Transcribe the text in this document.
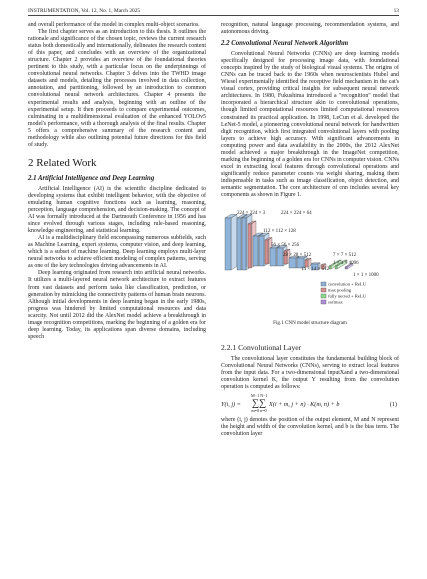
INSTRUMENTATION, Vol. 12, No. 1, March 2025	13

and overall performance of the model in complex multi-object scenarios.

The first chapter serves as an introduction to this thesis. It outlines the rationale and significance of the chosen topic, reviews the current research status both domestically and internationally, delineates the research content of this paper, and concludes with an overview of the organizational structure. Chapter 2 provides an overview of the foundational theories pertinent to this study, with a particular focus on the underpinnings of convolutional neural networks. Chapter 3 delves into the TWHD image datasets and models, detailing the processes involved in data collection, annotation, and partitioning, followed by an introduction to common convolutional neural network architectures. Chapter 4 presents the experimental results and analysis, beginning with an outline of the experimental setup. It then proceeds to compare experimental outcomes, culminating in a multidimensional evaluation of the enhanced YOLOv5 model's performance, with a thorough analysis of the final results. Chapter 5 offers a comprehensive summary of the research content and methodology while also outlining potential future directions for this field of study.

2 Related Work
2.1 Artificial Intelligence and Deep Learning

Artificial Intelligence (AI) is the scientific discipline dedicated to developing systems that exhibit intelligent behavior, with the objective of emulating human cognitive functions such as learning, reasoning, perception, language comprehension, and decision-making. The concept of AI was formally introduced at the Dartmouth Conference in 1956 and has since evolved through various stages, including rule-based reasoning, knowledge engineering, and statistical learning.

AI is a multidisciplinary field encompassing numerous subfields, such as Machine Learning, expert systems, computer vision, and deep learning, which is a subset of machine learning. Deep learning employs multi-layer neural networks to achieve efficient modeling of complex patterns, serving as one of the key technologies driving advancements in AI.

Deep learning originated from research into artificial neural networks. It utilizes a multi-layered neural network architecture to extract features from vast datasets and perform tasks like classification, prediction, or generation by mimicking the connectivity patterns of human brain neurons. Although initial developments in deep learning began in the early 1980s, progress was hindered by limited computational resources and data scarcity. Not until 2012 did the AlexNet model achieve a breakthrough in image recognition competitions, marking the beginning of a golden era for deep learning. Today, its applications span diverse domains, including speech

recognition, natural language processing, recommendation systems, and autonomous driving.

2.2 Convolutional Neural Network Algorithm

Convolutional Neural Networks (CNNs) are deep learning models specifically designed for processing image data, with foundational concepts inspired by the study of biological visual systems. The origins of CNNs can be traced back to the 1960s when neuroscientists Hubel and Wiesel experimentally identified the receptive field mechanism in the cat's visual cortex, providing critical insights for subsequent neural network architectures. In 1980, Fukushima introduced a "recognition" model that incorporated a hierarchical structure akin to convolutional operations, though limited computational resources limited computational resources constrained its practical application. In 1998, LeCun et al. developed the LeNet-5 model, a pioneering convolutional neural network for handwritten digit recognition, which first integrated convolutional layers with pooling layers to achieve high accuracy. With significant advancements in computing power and data availability in the 2000s, the 2012 AlexNet model achieved a major breakthrough in the ImageNet competition, marking the beginning of a golden era for CNNs in computer vision. CNNs excel in extracting local features through convolutional operations and significantly reduce parameter counts via weight sharing, making them indispensable in tasks such as image classification, object detection, and semantic segmentation. The core architecture of cnn includes several key components as shown in Figure 1.

224 × 224 × 3	224 × 224 × 64
112 × 112 × 128
56 × 56 × 256
28 × 28 × 512
14 × 14 × 512
7 × 7 × 512
1 × 1 × 4096
1 × 1 × 1000
convolution + ReLU
max pooling
fully nected + ReLU
softmax
Fig.1 CNN model structure diagram
2.2.1 Convolutional Layer

The convolutional layer constitutes the fundamental building block of Convolutional Neural Networks (CNNs), serving to extract local features from the input data. For a two-dimensional inputXand a two-dimensional convolution kernel K, the output Y resulting from the convolution operation is computed as follows:

Y(i, j) =
M−1 N−1
∑∑
m=0 n=0
X(i + m, j + n) · K(m, n) + b	(1)

where (i, j) denotes the position of the output element, M and N represent the height and width of the convolution kernel, and b is the bias term. The convolution layer
